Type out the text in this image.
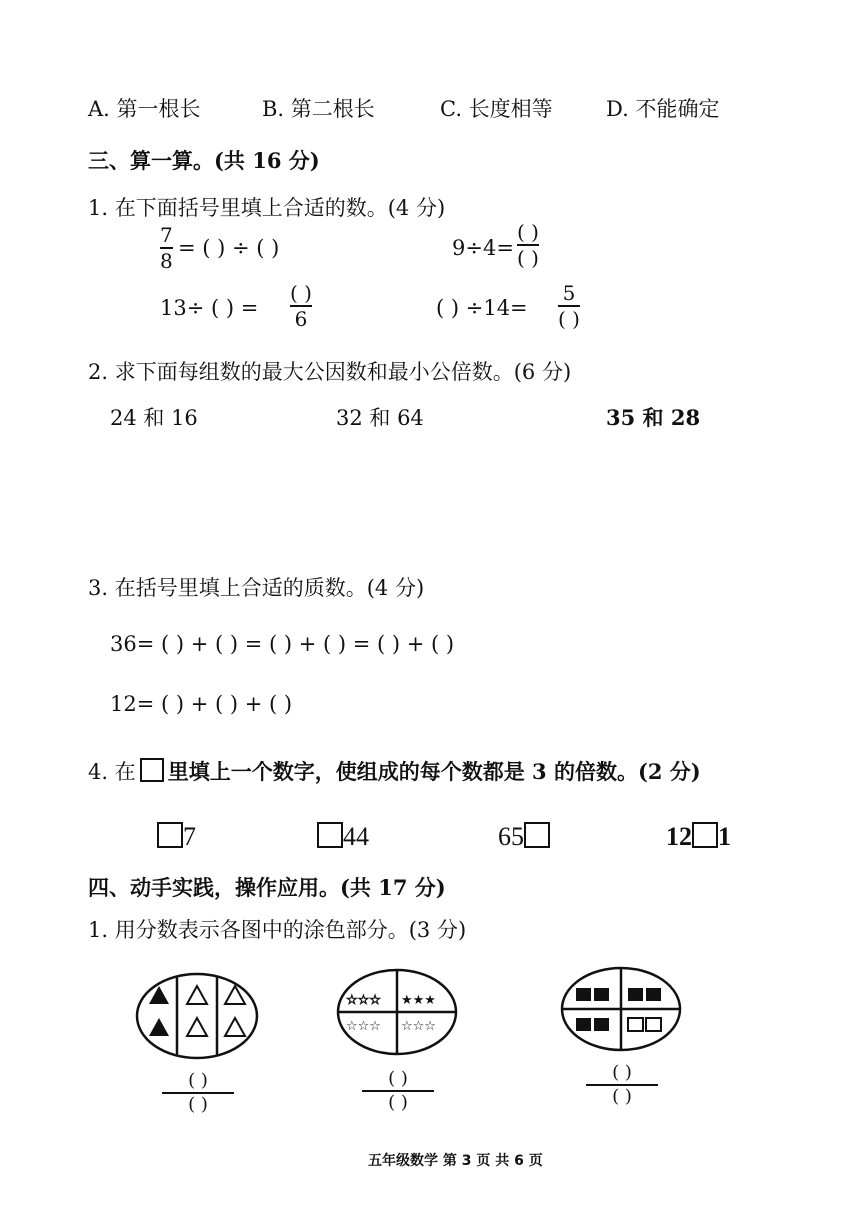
A. 第一根长	B. 第二根长	C. 长度相等	D. 不能确定
三、算一算。(共 16 分)
1. 在下面括号里填上合适的数。(4 分)
7
8
= ( ) ÷ ( )	9÷4=
( )
( )
13÷ ( ) =
( )
6	( ) ÷14=
5
( )
2. 求下面每组数的最大公因数和最小公倍数。(6 分)
24 和 16	32 和 64	35 和 28
3. 在括号里填上合适的质数。(4 分)
36= ( ) + ( ) = ( ) + ( ) = ( ) + ( )
12= ( ) + ( ) + ( )
4. 在 里填上一个数字，使组成的每个数都是 3 的倍数。(2 分)
7	44	65	12 1
四、动手实践，操作应用。(共 17 分)
1. 用分数表示各图中的涂色部分。(3 分)
☆☆☆ ★★★
☆☆☆ ☆☆☆
( )
( )
( )
( )
( )
( )
五年级数学 第 3 页 共 6 页
